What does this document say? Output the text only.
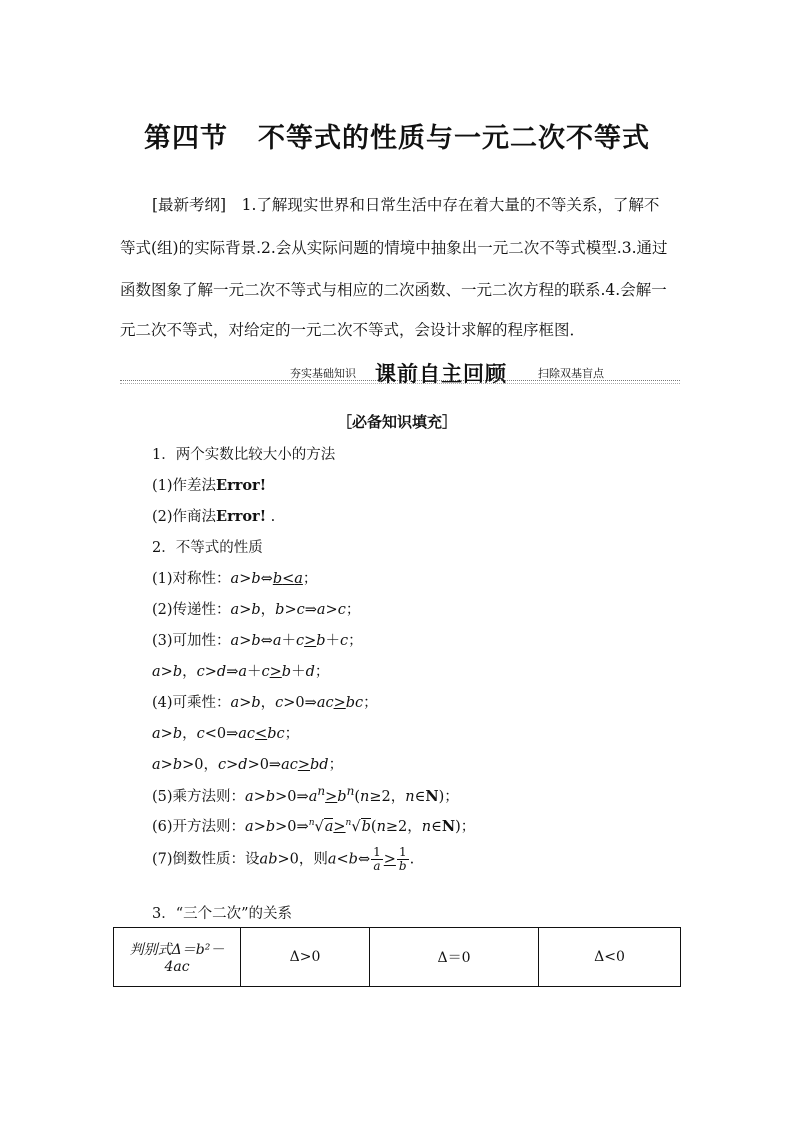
第四节 不等式的性质与一元二次不等式
[最新考纲]　1.了解现实世界和日常生活中存在着大量的不等关系，了解不
等式(组)的实际背景.2.会从实际问题的情境中抽象出一元二次不等式模型.3.通过
函数图象了解一元二次不等式与相应的二次函数、一元二次方程的联系.4.会解一
元二次不等式，对给定的一元二次不等式，会设计求解的程序框图．
夯实基础知识 课前自主回顾	扫除双基盲点
［必备知识填充］
1．两个实数比较大小的方法
(1)作差法Error!
(2)作商法Error! .
2．不等式的性质
(1)对称性：a>b⇔b<a；
(2)传递性：a>b，b>c⇒a>c；
(3)可加性：a>b⇔a＋c>b＋c；
a>b，c>d⇒a＋c>b＋d；
(4)可乘性：a>b，c>0⇒ac>bc；
a>b，c<0⇒ac<bc；
a>b>0，c>d>0⇒ac>bd；
(5)乘方法则：$a>b>0\Rightarrow a^n>b^n(n\ge 2$，n∈N)；
(6)开方法则：a>b>0⇒$^n$√a>$^n$√b(n≥2，n∈N)；
(7)倒数性质：设ab>0，则a<b⇔ $\frac{1}{a} > \frac{1}{b}$ .
3．“三个二次”的关系
判别式Δ＝b²－
4ac
	Δ>0	Δ＝0	Δ<0
